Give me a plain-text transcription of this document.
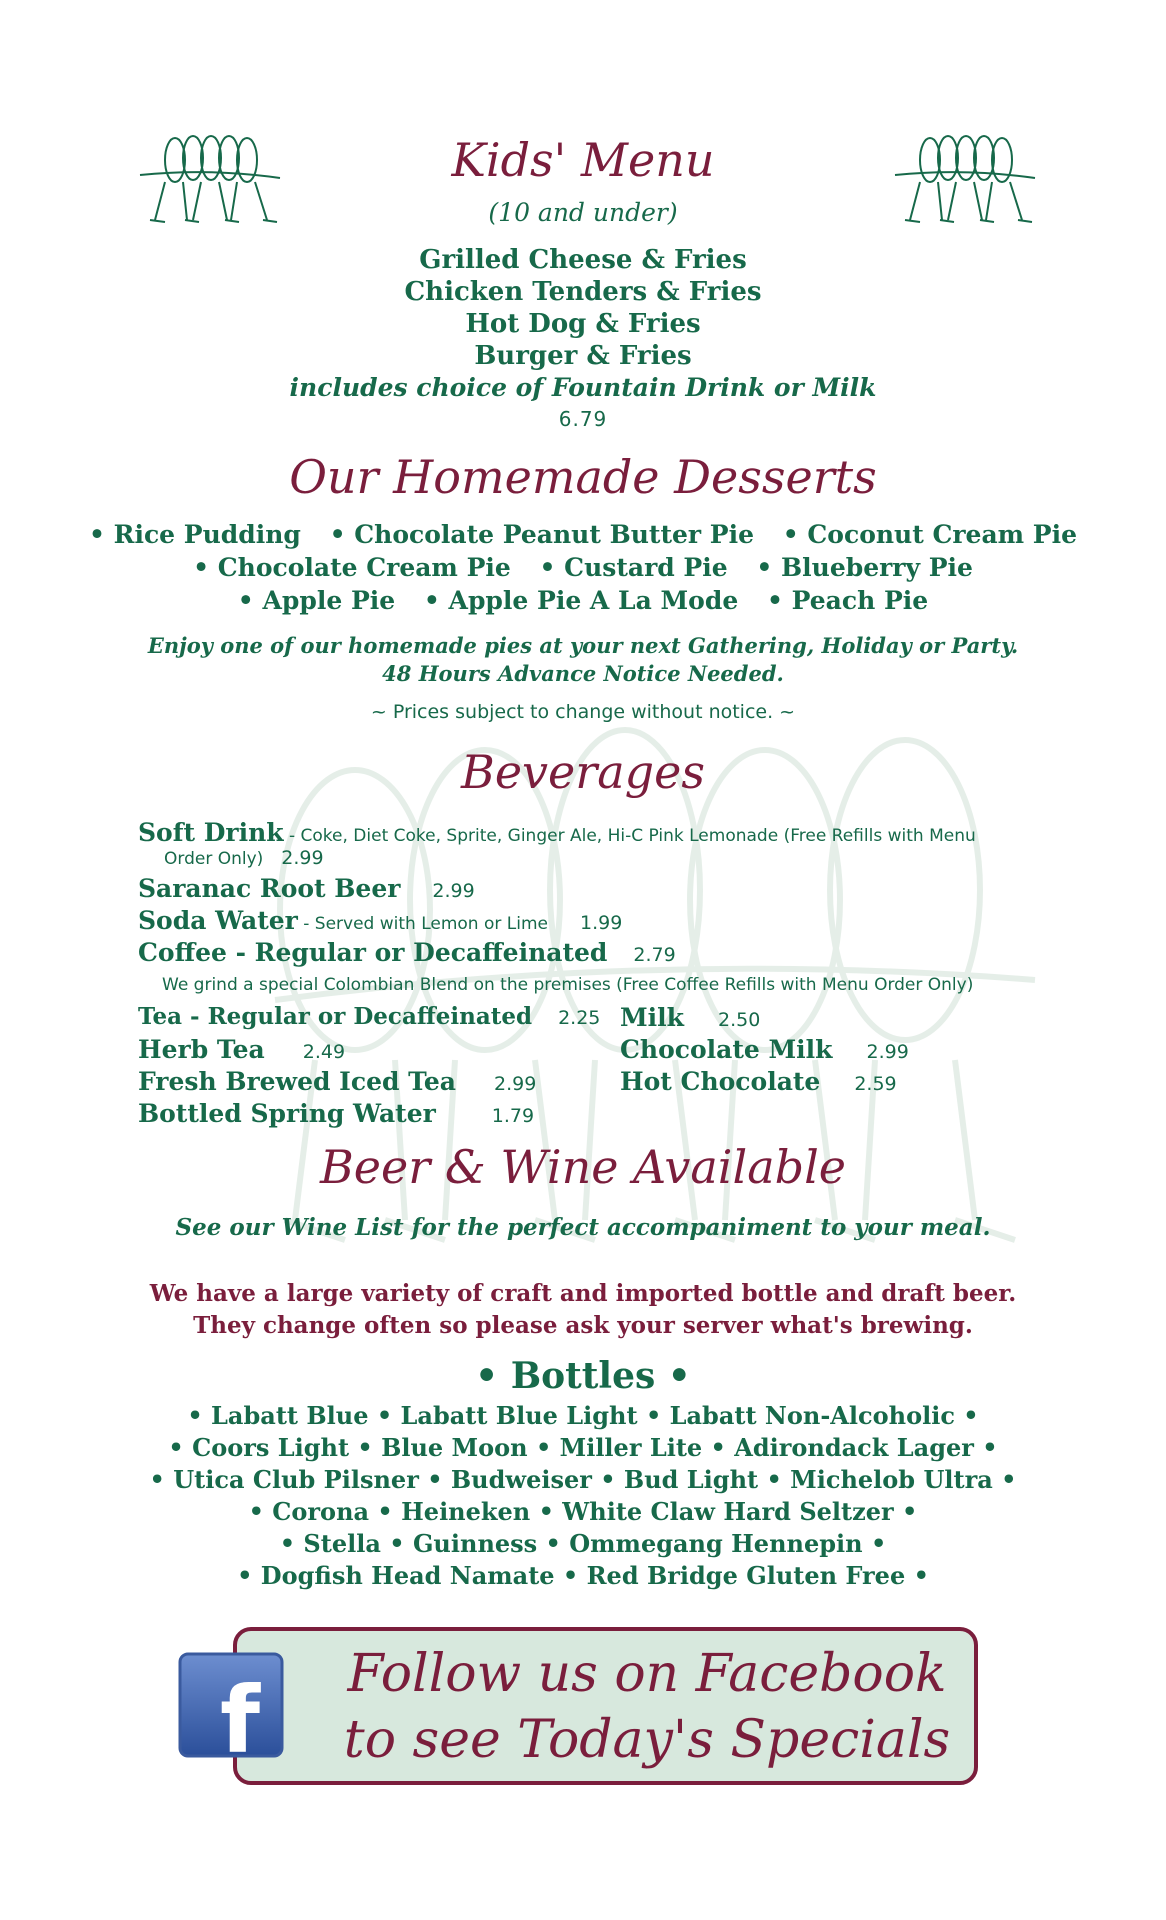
Kids' Menu
(10 and under)
Grilled Cheese & Fries
Chicken Tenders & Fries
Hot Dog & Fries
Burger & Fries
includes choice of Fountain Drink or Milk
6.79
Our Homemade Desserts
• Rice Pudding • Chocolate Peanut Butter Pie • Coconut Cream Pie
• Chocolate Cream Pie • Custard Pie • Blueberry Pie
• Apple Pie • Apple Pie A La Mode • Peach Pie
Enjoy one of our homemade pies at your next Gathering, Holiday or Party.
48 Hours Advance Notice Needed.
~ Prices subject to change without notice. ~
Beverages
Soft Drink - Coke, Diet Coke, Sprite, Ginger Ale, Hi-C Pink Lemonade (Free Refills with Menu
Order Only) 2.99
Saranac Root Beer 2.99
Soda Water - Served with Lemon or Lime 1.99
Coffee - Regular or Decaffeinated 2.79
We grind a special Colombian Blend on the premises (Free Coffee Refills with Menu Order Only)
Tea - Regular or Decaffeinated 2.25
Herb Tea 2.49
Fresh Brewed Iced Tea 2.99
Bottled Spring Water	1.79
Milk 2.50
Chocolate Milk 2.99
Hot Chocolate 2.59
Beer & Wine Available
See our Wine List for the perfect accompaniment to your meal.
We have a large variety of craft and imported bottle and draft beer.
They change often so please ask your server what's brewing.
• Bottles •
• Labatt Blue • Labatt Blue Light • Labatt Non-Alcoholic •
• Coors Light • Blue Moon • Miller Lite • Adirondack Lager •
• Utica Club Pilsner • Budweiser • Bud Light • Michelob Ultra •
• Corona • Heineken • White Claw Hard Seltzer •
• Stella • Guinness • Ommegang Hennepin •
• Dogfish Head Namate • Red Bridge Gluten Free •
Follow us on Facebook
to see Today's Specials
f
